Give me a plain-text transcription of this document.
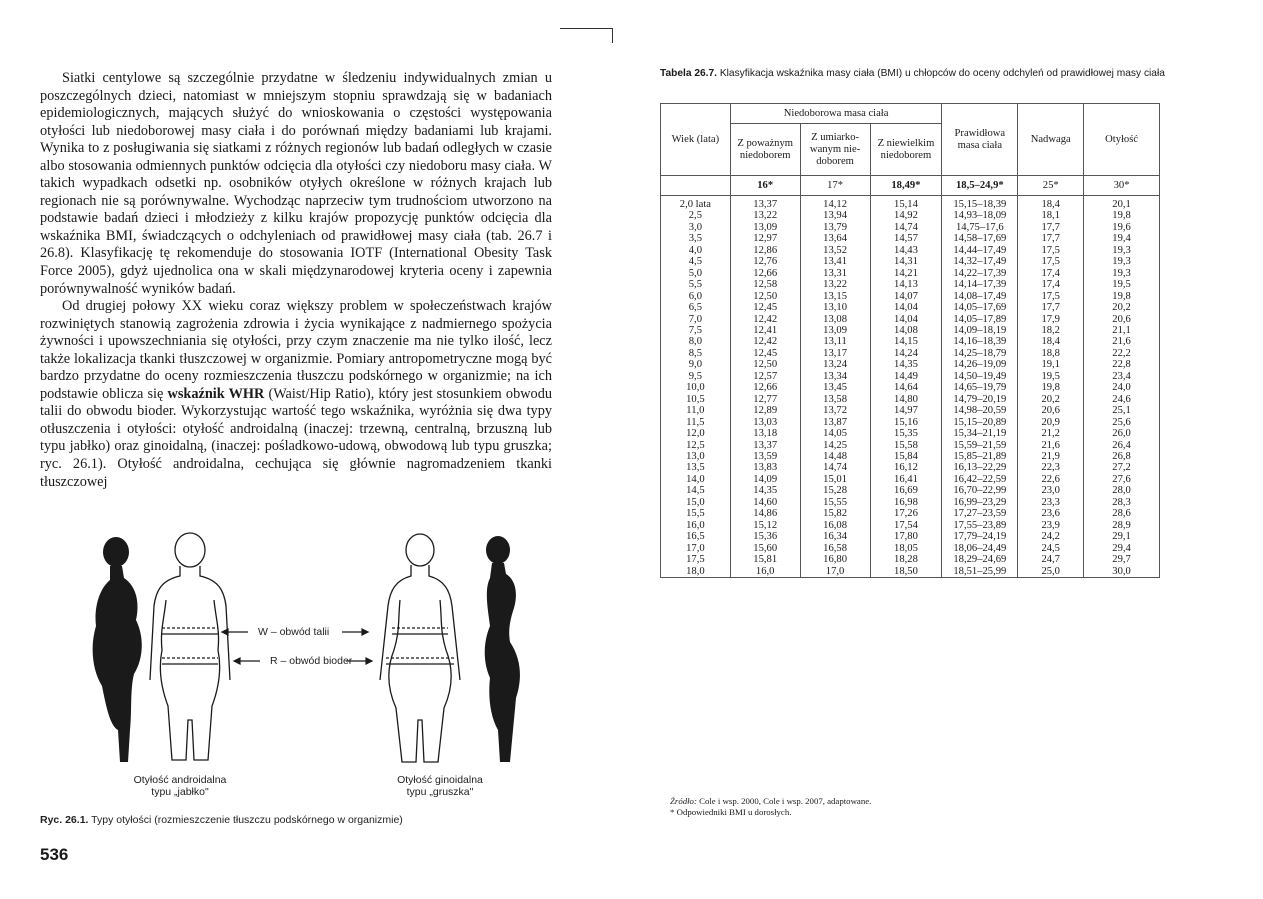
Siatki centylowe są szczególnie przydatne w śledzeniu indywidualnych zmian u poszczególnych dzieci, natomiast w mniejszym stopniu sprawdzają się w badaniach epidemiologicznych, mających służyć do wnioskowania o częstości występowania otyłości lub niedoborowej masy ciała i do porównań między badaniami lub krajami. Wynika to z posługiwania się siatkami z różnych regionów lub badań odległych w czasie albo stosowania odmiennych punktów odcięcia dla otyłości czy niedoboru masy ciała. W takich wypadkach odsetki np. osobników otyłych określone w różnych krajach lub regionach nie są porównywalne. Wychodząc naprzeciw tym trudnościom utworzono na podstawie badań dzieci i młodzieży z kilku krajów propozycję punktów odcięcia dla wskaźnika BMI, świadczących o odchyleniach od prawidłowej masy ciała (tab. 26.7 i 26.8). Klasyfikację tę rekomenduje do stosowania IOTF (International Obesity Task Force 2005), gdyż ujednolica ona w skali międzynarodowej kryteria oceny i zapewnia porównywalność wyników badań.

Od drugiej połowy XX wieku coraz większy problem w społeczeństwach krajów rozwiniętych stanowią zagrożenia zdrowia i życia wynikające z nadmiernego spożycia żywności i upowszechniania się otyłości, przy czym znaczenie ma nie tylko ilość, lecz także lokalizacja tkanki tłuszczowej w organizmie. Pomiary antropometryczne mogą być bardzo przydatne do oceny rozmieszczenia tłuszczu podskórnego w organizmie; na ich podstawie oblicza się wskaźnik WHR (Waist/Hip Ratio), który jest stosunkiem obwodu talii do obwodu bioder. Wykorzystując wartość tego wskaźnika, wyróżnia się dwa typy otłuszczenia i otyłości: otyłość androidalną (inaczej: trzewną, centralną, brzuszną lub typu jabłko) oraz ginoidalną, (inaczej: pośladkowo-udową, obwodową lub typu gruszka; ryc. 26.1). Otyłość androidalna, cechująca się głównie nagromadzeniem tkanki tłuszczowej

W – obwód talii
R – obwód bioder
Otyłość androidalna
typu „jabłko"
Otyłość ginoidalna
typu „gruszka"
Ryc. 26.1. Typy otyłości (rozmieszczenie tłuszczu podskórnego w organizmie)
536
Tabela 26.7. Klasyfikacja wskaźnika masy ciała (BMI) u chłopców do oceny odchyleń od prawidłowej masy ciała
Wiek (lata)	Niedoborowa masa ciała			Prawidłowa masa ciała	Nadwaga	Otyłość
	Z poważnym niedoborem	Z umiarko-wanym nie-doborem	Z niewielkim niedoborem			
	16*	17*	18,49*	18,5–24,9*	25*	30*
2,0 lata	13,37	14,12	15,14	15,15–18,39	18,4	20,1
2,5	13,22	13,94	14,92	14,93–18,09	18,1	19,8
3,0	13,09	13,79	14,74	14,75–17,6	17,7	19,6
3,5	12,97	13,64	14,57	14,58–17,69	17,7	19,4
4,0	12,86	13,52	14,43	14,44–17,49	17,5	19,3
4,5	12,76	13,41	14,31	14,32–17,49	17,5	19,3
5,0	12,66	13,31	14,21	14,22–17,39	17,4	19,3
5,5	12,58	13,22	14,13	14,14–17,39	17,4	19,5
6,0	12,50	13,15	14,07	14,08–17,49	17,5	19,8
6,5	12,45	13,10	14,04	14,05–17,69	17,7	20,2
7,0	12,42	13,08	14,04	14,05–17,89	17,9	20,6
7,5	12,41	13,09	14,08	14,09–18,19	18,2	21,1
8,0	12,42	13,11	14,15	14,16–18,39	18,4	21,6
8,5	12,45	13,17	14,24	14,25–18,79	18,8	22,2
9,0	12,50	13,24	14,35	14,26–19,09	19,1	22,8
9,5	12,57	13,34	14,49	14,50–19,49	19,5	23,4
10,0	12,66	13,45	14,64	14,65–19,79	19,8	24,0
10,5	12,77	13,58	14,80	14,79–20,19	20,2	24,6
11,0	12,89	13,72	14,97	14,98–20,59	20,6	25,1
11,5	13,03	13,87	15,16	15,15–20,89	20,9	25,6
12,0	13,18	14,05	15,35	15,34–21,19	21,2	26,0
12,5	13,37	14,25	15,58	15,59–21,59	21,6	26,4
13,0	13,59	14,48	15,84	15,85–21,89	21,9	26,8
13,5	13,83	14,74	16,12	16,13–22,29	22,3	27,2
14,0	14,09	15,01	16,41	16,42–22,59	22,6	27,6
14,5	14,35	15,28	16,69	16,70–22,99	23,0	28,0
15,0	14,60	15,55	16,98	16,99–23,29	23,3	28,3
15,5	14,86	15,82	17,26	17,27–23,59	23,6	28,6
16,0	15,12	16,08	17,54	17,55–23,89	23,9	28,9
16,5	15,36	16,34	17,80	17,79–24,19	24,2	29,1
17,0	15,60	16,58	18,05	18,06–24,49	24,5	29,4
17,5	15,81	16,80	18,28	18,29–24,69	24,7	29,7
18,0	16,0	17,0	18,50	18,51–25,99	25,0	30,0
Źródło: Cole i wsp. 2000, Cole i wsp. 2007, adaptowane.
* Odpowiedniki BMI u dorosłych.
